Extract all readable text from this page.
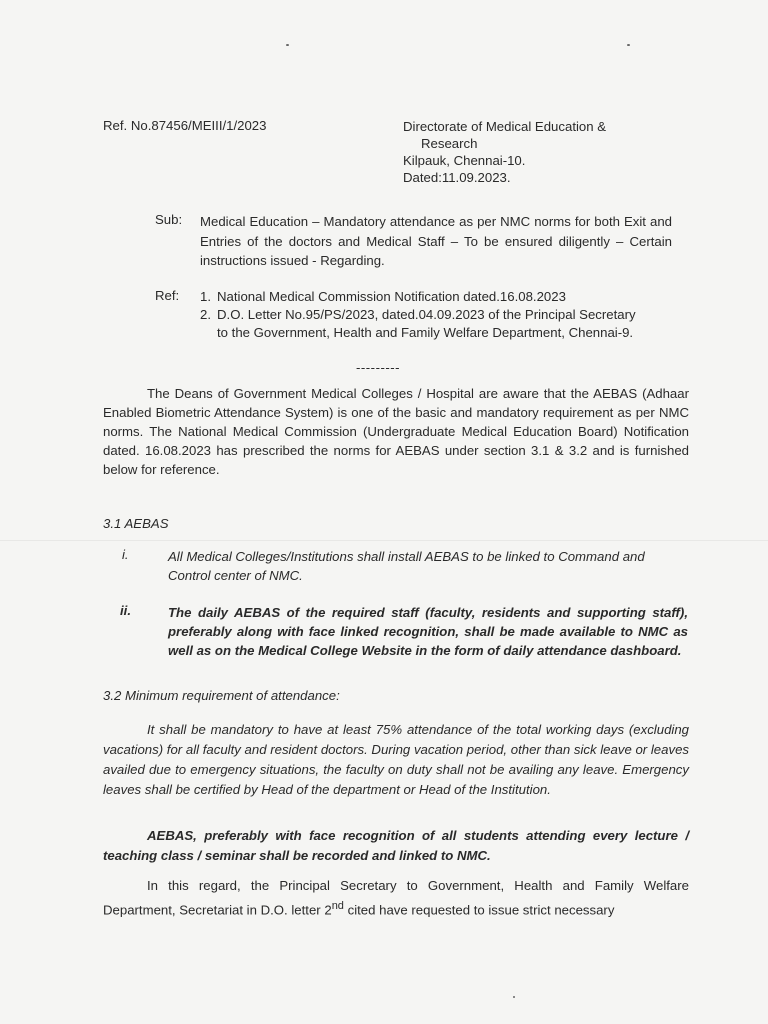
Ref. No.87456/MEIII/1/2023	Directorate of Medical Education &
Research
Kilpauk, Chennai-10.
Dated:11.09.2023.
Sub: Medical Education – Mandatory attendance as per NMC norms for both Exit and Entries of the doctors and Medical Staff – To be ensured diligently – Certain instructions issued - Regarding.
Ref: 1. National Medical Commission Notification dated.16.08.2023
2. D.O. Letter No.95/PS/2023, dated.04.09.2023 of the Principal Secretary to the Government, Health and Family Welfare Department, Chennai-9.
---------
The Deans of Government Medical Colleges / Hospital are aware that the AEBAS (Adhaar Enabled Biometric Attendance System) is one of the basic and mandatory requirement as per NMC norms. The National Medical Commission (Undergraduate Medical Education Board) Notification dated. 16.08.2023 has prescribed the norms for AEBAS under section 3.1 & 3.2 and is furnished below for reference.
3.1 AEBAS
i.	All Medical Colleges/Institutions shall install AEBAS to be linked to Command and Control center of NMC.
ii.	The daily AEBAS of the required staff (faculty, residents and supporting staff), preferably along with face linked recognition, shall be made available to NMC as well as on the Medical College Website in the form of daily attendance dashboard.
3.2 Minimum requirement of attendance:
It shall be mandatory to have at least 75% attendance of the total working days (excluding vacations) for all faculty and resident doctors. During vacation period, other than sick leave or leaves availed due to emergency situations, the faculty on duty shall not be availing any leave. Emergency leaves shall be certified by Head of the department or Head of the Institution.
AEBAS, preferably with face recognition of all students attending every lecture / teaching class / seminar shall be recorded and linked to NMC.
In this regard, the Principal Secretary to Government, Health and Family Welfare Department, Secretariat in D.O. letter 2nd cited have requested to issue strict necessary
